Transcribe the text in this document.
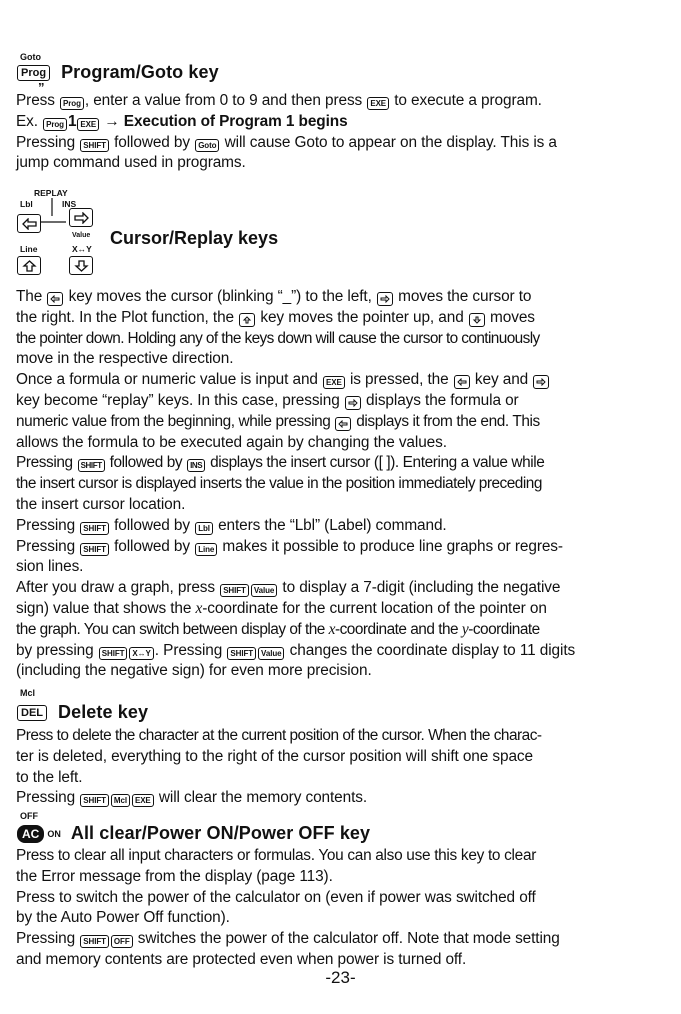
Goto
Prog Program/Goto key
”

Press Prog , enter a value from 0 to 9 and then press EXE to execute a program.

Ex. Prog 1 EXE → Execution of Program 1 begins

Pressing SHIFT followed by Goto will cause Goto to appear on the display. This is a

jump command used in programs.

REPLAY
Lbl	INS
Value
Line	X↔Y
Cursor/Replay keys

The key moves the cursor (blinking “_”) to the left, moves the cursor to

the right. In the Plot function, the key moves the pointer up, and moves

the pointer down. Holding any of the keys down will cause the cursor to continuously

move in the respective direction.

Once a formula or numeric value is input and EXE is pressed, the key and

key become “replay” keys. In this case, pressing displays the formula or

numeric value from the beginning, while pressing displays it from the end. This

allows the formula to be executed again by changing the values.

Pressing SHIFT followed by INS displays the insert cursor ([ ]). Entering a value while

the insert cursor is displayed inserts the value in the position immediately preceding

the insert cursor location.

Pressing SHIFT followed by Lbl enters the “Lbl” (Label) command.

Pressing SHIFT followed by Line makes it possible to produce line graphs or regres-

sion lines.

After you draw a graph, press SHIFT Value to display a 7-digit (including the negative

sign) value that shows the x-coordinate for the current location of the pointer on

the graph. You can switch between display of the x-coordinate and the y-coordinate

by pressing SHIFT X↔Y . Pressing SHIFT Value changes the coordinate display to 11 digits

(including the negative sign) for even more precision.

Mcl
DEL Delete key

Press to delete the character at the current position of the cursor. When the charac-

ter is deleted, everything to the right of the cursor position will shift one space

to the left.

Pressing SHIFT Mcl EXE will clear the memory contents.

OFF
AC ON All clear/Power ON/Power OFF key

Press to clear all input characters or formulas. You can also use this key to clear

the Error message from the display (page 113).

Press to switch the power of the calculator on (even if power was switched off

by the Auto Power Off function).

Pressing SHIFT OFF switches the power of the calculator off. Note that mode setting

and memory contents are protected even when power is turned off.

-23-
